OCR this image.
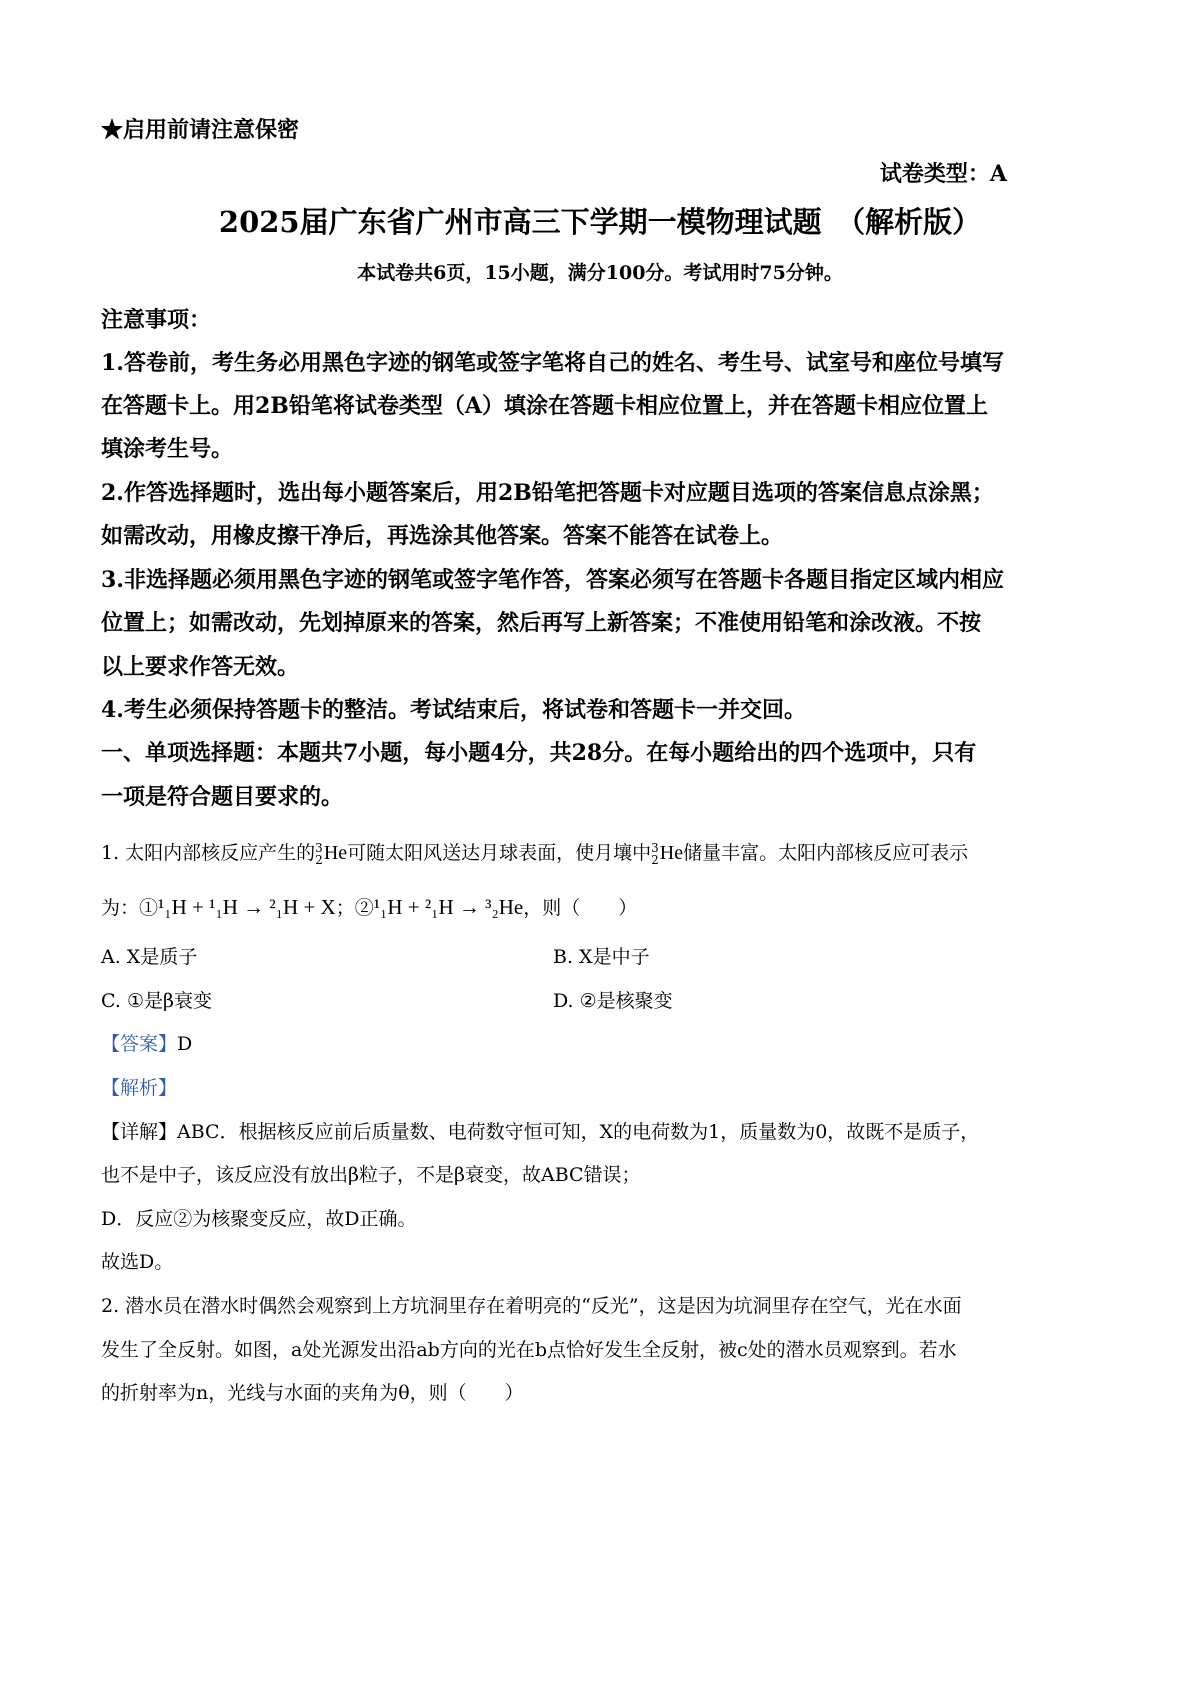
★启用前请注意保密
试卷类型：A
2025届广东省广州市高三下学期一模物理试题　（解析版）
本试卷共6页，15小题，满分100分。考试用时75分钟。
注意事项：
1.答卷前，考生务必用黑色字迹的钢笔或签字笔将自己的姓名、考生号、试室号和座位号填写
在答题卡上。用2B铅笔将试卷类型（A）填涂在答题卡相应位置上，并在答题卡相应位置上
填涂考生号。
2.作答选择题时，选出每小题答案后，用2B铅笔把答题卡对应题目选项的答案信息点涂黑；
如需改动，用橡皮擦干净后，再选涂其他答案。答案不能答在试卷上。
3.非选择题必须用黑色字迹的钢笔或签字笔作答，答案必须写在答题卡各题目指定区域内相应
位置上；如需改动，先划掉原来的答案，然后再写上新答案；不准使用铅笔和涂改液。不按
以上要求作答无效。
4.考生必须保持答题卡的整洁。考试结束后，将试卷和答题卡一并交回。
一、单项选择题：本题共7小题，每小题4分，共28分。在每小题给出的四个选项中，只有
一项是符合题目要求的。
1. 太阳内部核反应产生的 3
2 He可随太阳风送达月球表面，使月壤中 3
2 He储量丰富。太阳内部核反应可表示
为：①¹₁H + ¹₁H → ²₁H + X；②¹₁H + ²₁H → ³₂He，则（　　）
A. X是质子	B. X是中子
C. ①是β衰变	D. ②是核聚变
【答案】D
【解析】
【详解】ABC．根据核反应前后质量数、电荷数守恒可知，X的电荷数为1，质量数为0，故既不是质子，
也不是中子，该反应没有放出β粒子，不是β衰变，故ABC错误；
D．反应②为核聚变反应，故D正确。
故选D。
2. 潜水员在潜水时偶然会观察到上方坑洞里存在着明亮的“反光”，这是因为坑洞里存在空气，光在水面
发生了全反射。如图，a处光源发出沿ab方向的光在b点恰好发生全反射，被c处的潜水员观察到。若水
的折射率为n，光线与水面的夹角为θ，则（　　）
